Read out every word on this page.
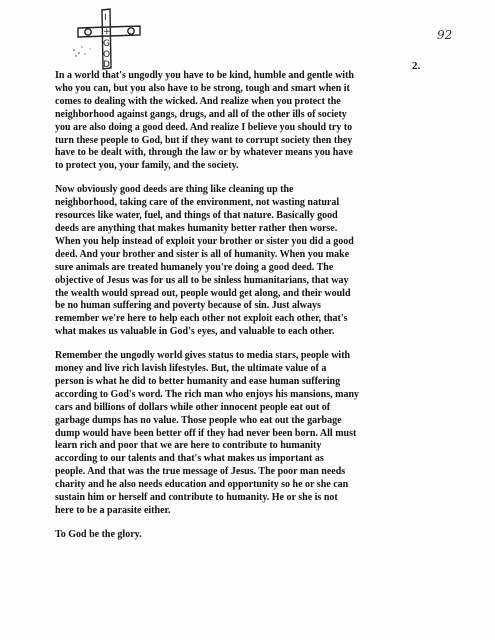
I
+
G
O
D
92
2.

In a world that's ungodly you have to be kind, humble and gentle with
who you can, but you also have to be strong, tough and smart when it
comes to dealing with the wicked. And realize when you protect the
neighborhood against gangs, drugs, and all of the other ills of society
you are also doing a good deed. And realize I believe you should try to
turn these people to God, but if they want to corrupt society then they
have to be dealt with, through the law or by whatever means you have
to protect you, your family, and the society.

Now obviously good deeds are thing like cleaning up the
neighborhood, taking care of the environment, not wasting natural
resources like water, fuel, and things of that nature. Basically good
deeds are anything that makes humanity better rather then worse.
When you help instead of exploit your brother or sister you did a good
deed. And your brother and sister is all of humanity. When you make
sure animals are treated humanely you're doing a good deed. The
objective of Jesus was for us all to be sinless humanitarians, that way
the wealth would spread out, people would get along, and their would
be no human suffering and poverty because of sin. Just always
remember we're here to help each other not exploit each other, that's
what makes us valuable in God's eyes, and valuable to each other.

Remember the ungodly world gives status to media stars, people with
money and live rich lavish lifestyles. But, the ultimate value of a
person is what he did to better humanity and ease human suffering
according to God's word. The rich man who enjoys his mansions, many
cars and billions of dollars while other innocent people eat out of
garbage dumps has no value. Those people who eat out the garbage
dump would have been better off if they had never been born. All must
learn rich and poor that we are here to contribute to humanity
according to our talents and that's what makes us important as
people. And that was the true message of Jesus. The poor man needs
charity and he also needs education and opportunity so he or she can
sustain him or herself and contribute to humanity. He or she is not
here to be a parasite either.

To God be the glory.
